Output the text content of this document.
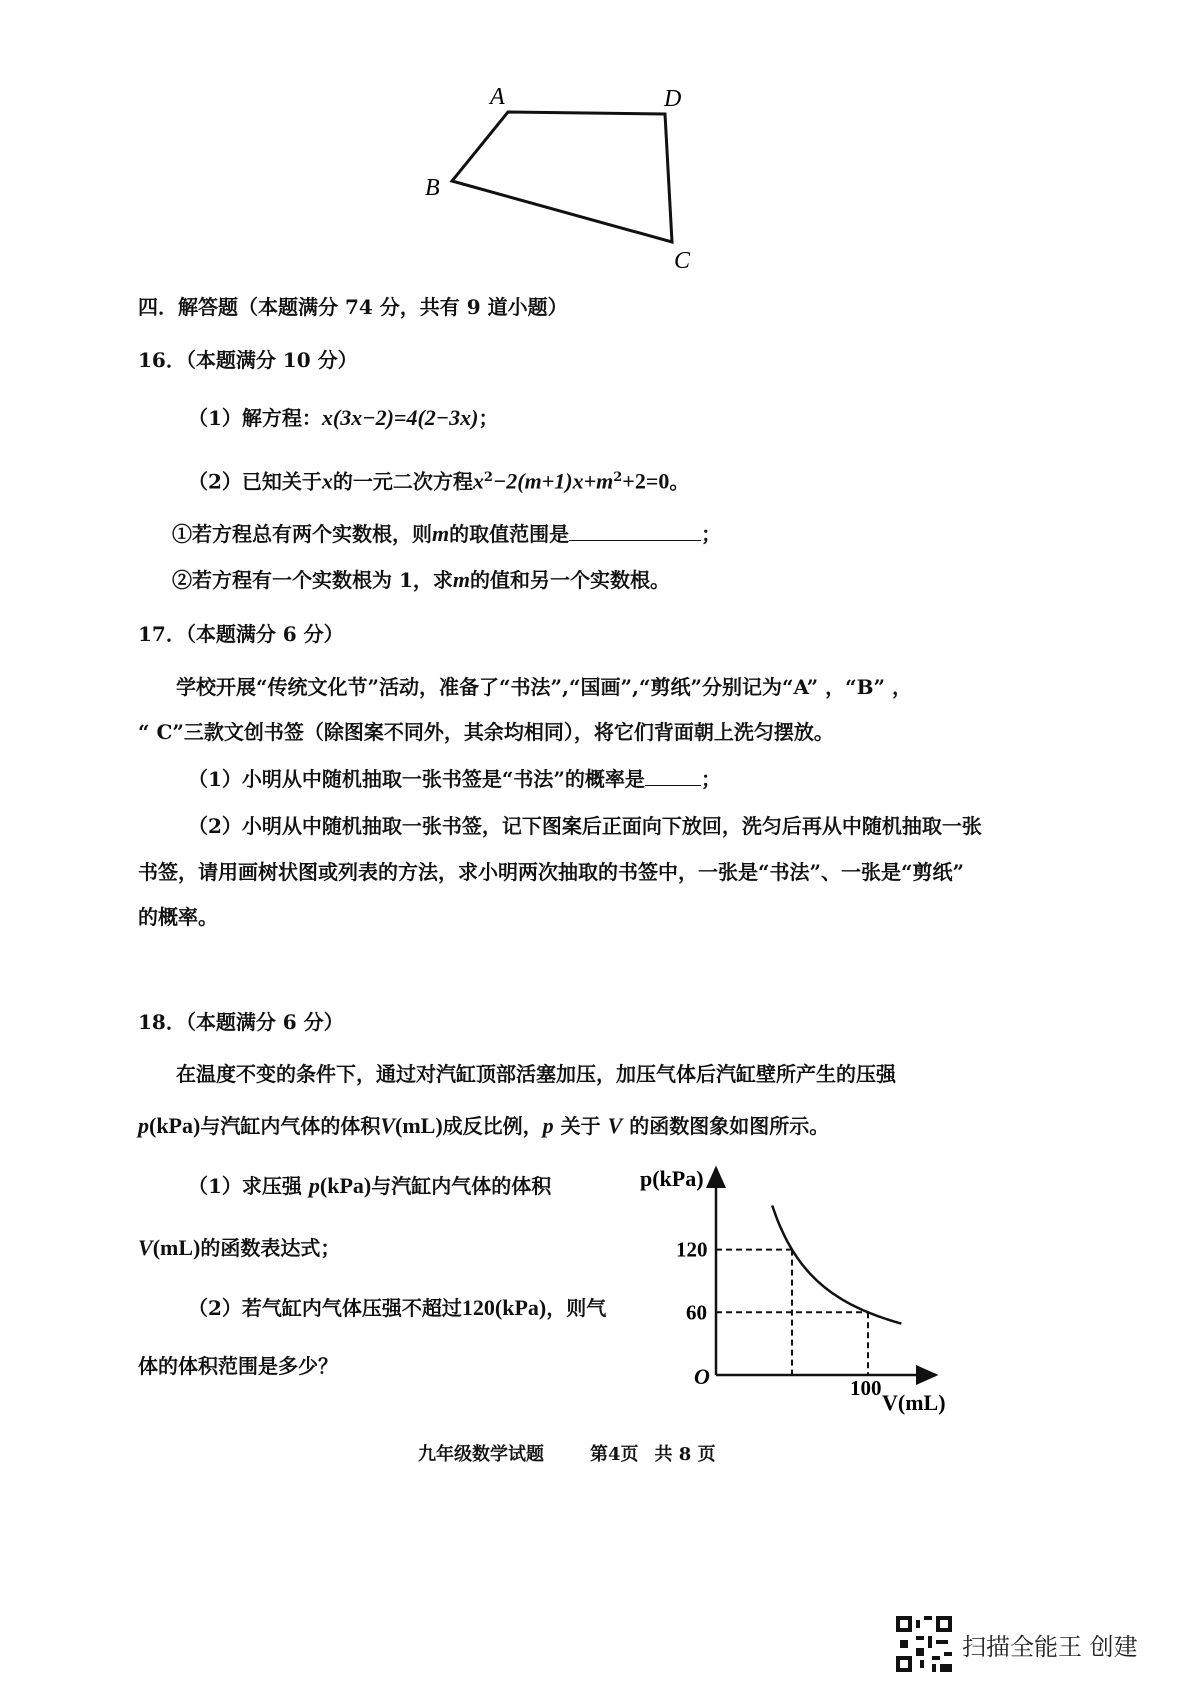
A	D
B
C
四．解答题（本题满分 74 分，共有 9 道小题）
16．（本题满分 10 分）
（1）解方程：x(3x−2)=4(2−3x)；
（2）已知关于x的一元二次方程$x^2-2(m+1)x+m^2+2=0$。
①若方程总有两个实数根，则m的取值范围是	；
②若方程有一个实数根为 1，求m的值和另一个实数根。
17．（本题满分 6 分）
学校开展“传统文化节”活动，准备了“书法”,“国画”,“剪纸”分别记为“A” ，“B” ，
“ C”三款文创书签（除图案不同外，其余均相同），将它们背面朝上洗匀摆放。
（1）小明从中随机抽取一张书签是“书法”的概率是	；
（2）小明从中随机抽取一张书签，记下图案后正面向下放回，洗匀后再从中随机抽取一张
书签，请用画树状图或列表的方法，求小明两次抽取的书签中，一张是“书法”、一张是“剪纸”
的概率。
18．（本题满分 6 分）
在温度不变的条件下，通过对汽缸顶部活塞加压，加压气体后汽缸壁所产生的压强
p(kPa)与汽缸内气体的体积V(mL)成反比例，p 关于 V 的函数图象如图所示。
（1）求压强 p(kPa)与汽缸内气体的体积
V(mL)的函数表达式；
（2）若气缸内气体压强不超过120(kPa)，则气
体的体积范围是多少？
p(kPa)
V(mL)
O
120
60
100
九年级数学试题	第4页 共 8 页
扫描全能王 创建
